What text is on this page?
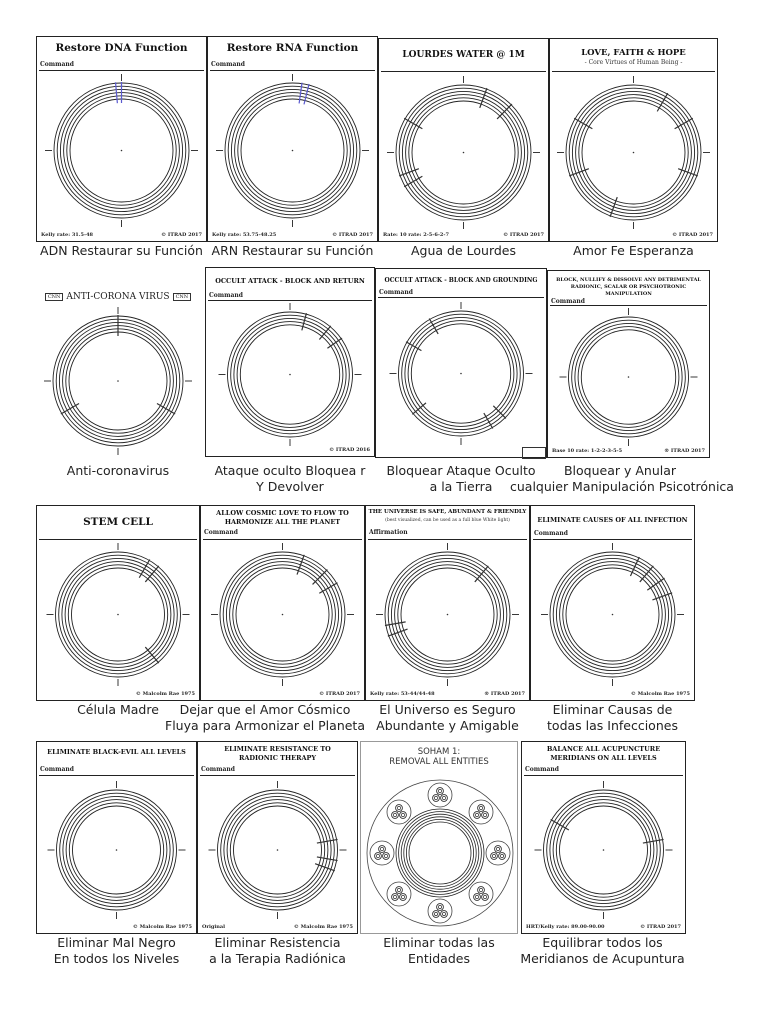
Restore DNA Function
Command
Kelly rate: 31.5-48	© ITRAD 2017
ADN Restaurar su Función
Restore RNA Function
Command
Kelly rate: 53.75-48.25	© ITRAD 2017
ARN Restaurar su Función
LOURDES WATER @ 1M
Rate: 10 rate: 2-5-6-2-7	© ITRAD 2017
Agua de Lourdes
LOVE, FAITH & HOPE
- Core Virtues of Human Being -
© ITRAD 2017
Amor Fe Esperanza
CNN ANTI-CORONA VIRUS CNN
Anti-coronavirus
OCCULT ATTACK - BLOCK AND RETURN
Command
© ITRAD 2016
Ataque oculto Bloquea r
Y Devolver
OCCULT ATTACK - BLOCK AND GROUNDING
Command
Bloquear Ataque Oculto
a la Tierra
BLOCK, NULLIFY & DISSOLVE ANY DETRIMENTAL RADIONIC, SCALAR OR PSYCHOTRONIC MANIPULATION
Command
Base 10 rate: 1-2-2-3-5-5	® ITRAD 2017
Bloquear y Anular
cualquier Manipulación Psicotrónica
STEM CELL
© Malcolm Rae 1975
Célula Madre
ALLOW COSMIC LOVE TO FLOW TO HARMONIZE ALL THE PLANET
Command
© ITRAD 2017
Dejar que el Amor Cósmico
Fluya para Armonizar el Planeta
THE UNIVERSE IS SAFE, ABUNDANT & FRIENDLY
(best visualized, can be used as a full blue White light)
Affirmation
Kelly rate: 53-44/44-48	® ITRAD 2017
El Universo es Seguro
Abundante y Amigable
ELIMINATE CAUSES OF ALL INFECTION
Command
© Malcolm Rae 1975
Eliminar Causas de
todas las Infecciones
ELIMINATE BLACK-EVIL ALL LEVELS
Command
© Malcolm Rae 1975
Eliminar Mal Negro
En todos los Niveles
ELIMINATE RESISTANCE TO RADIONIC THERAPY
Command
Original	© Malcolm Rae 1975
Eliminar Resistencia
a la Terapia Radiónica
SOHAM 1:
REMOVAL ALL ENTITIES
Eliminar todas las
Entidades
BALANCE ALL ACUPUNCTURE MERIDIANS ON ALL LEVELS
Command
HRT/Kelly rate: 89.00-90.00	© ITRAD 2017
Equilibrar todos los
Meridianos de Acupuntura
